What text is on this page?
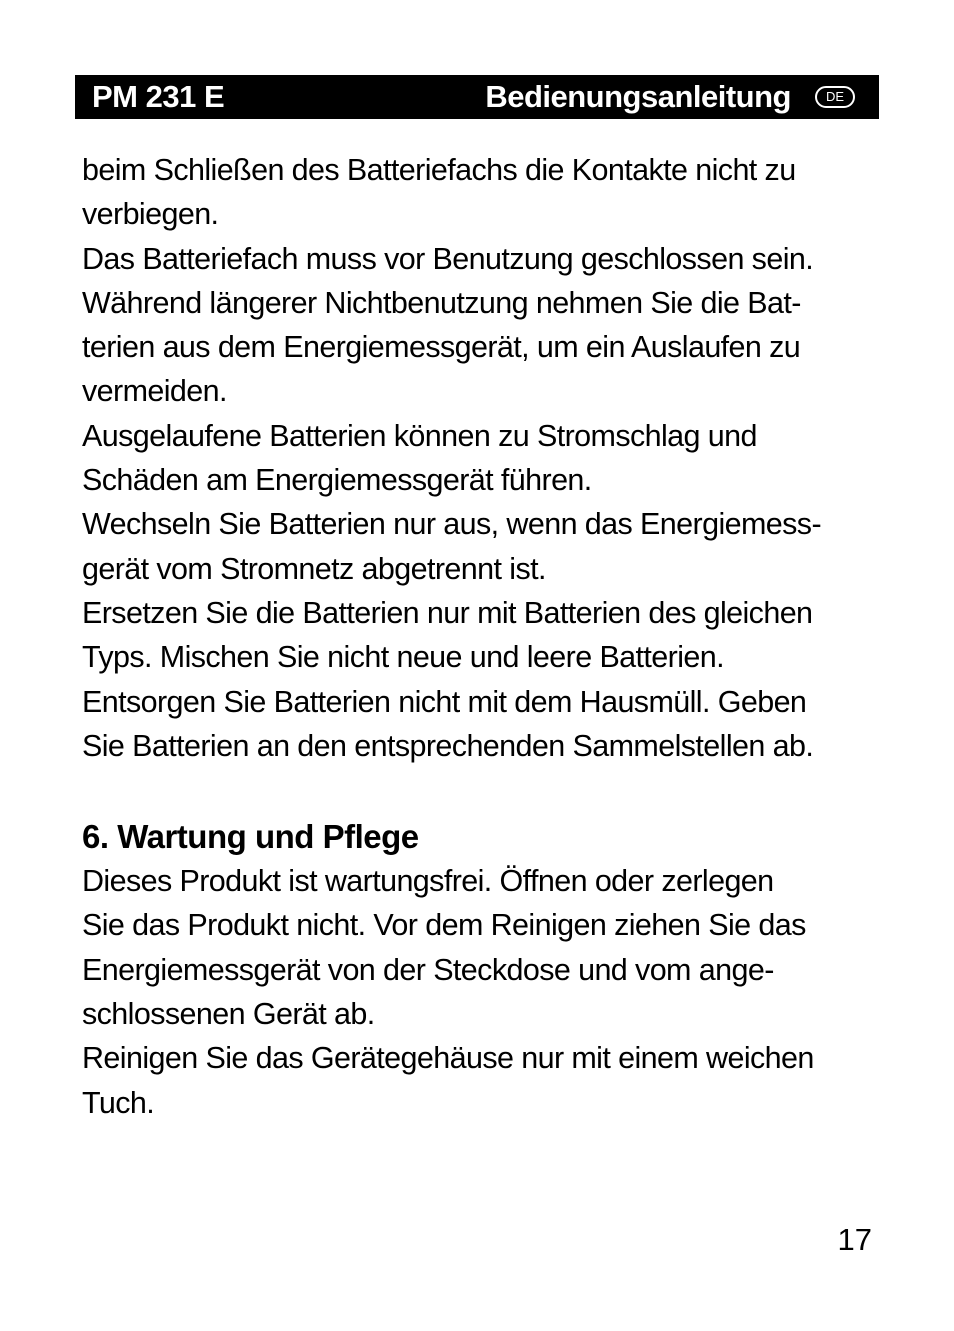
PM 231 E	Bedienungsanleitung	DE

beim Schließen des Batteriefachs die Kontakte nicht zu
verbiegen.

Das Batteriefach muss vor Benutzung geschlossen sein.

Während längerer Nichtbenutzung nehmen Sie die Bat-
terien aus dem Energiemessgerät, um ein Auslaufen zu
vermeiden.

Ausgelaufene Batterien können zu Stromschlag und
Schäden am Energiemessgerät führen.

Wechseln Sie Batterien nur aus, wenn das Energiemess-
gerät vom Stromnetz abgetrennt ist.

Ersetzen Sie die Batterien nur mit Batterien des gleichen
Typs. Mischen Sie nicht neue und leere Batterien.

Entsorgen Sie Batterien nicht mit dem Hausmüll. Geben
Sie Batterien an den entsprechenden Sammelstellen ab.

6. Wartung und Pflege

Dieses Produkt ist wartungsfrei. Öffnen oder zerlegen
Sie das Produkt nicht. Vor dem Reinigen ziehen Sie das
Energiemessgerät von der Steckdose und vom ange-
schlossenen Gerät ab.

Reinigen Sie das Gerätegehäuse nur mit einem weichen
Tuch.

17
